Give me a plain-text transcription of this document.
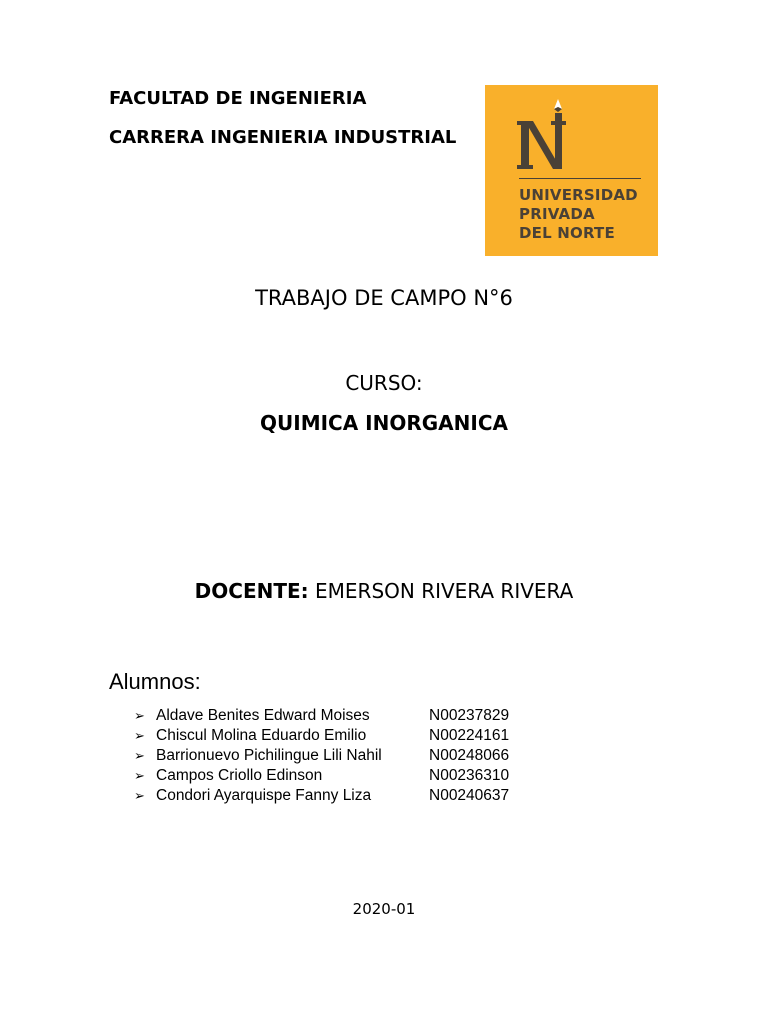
FACULTAD DE INGENIERIA
CARRERA INGENIERIA INDUSTRIAL
UNIVERSIDAD
PRIVADA
DEL NORTE
TRABAJO DE CAMPO N°6
CURSO:
QUIMICA INORGANICA
DOCENTE: EMERSON RIVERA RIVERA
Alumnos:
➢ Aldave Benites Edward Moises	N00237829
➢ Chiscul Molina Eduardo Emilio	N00224161
➢ Barrionuevo Pichilingue Lili Nahil	N00248066
➢ Campos Criollo Edinson	N00236310
➢ Condori Ayarquispe Fanny Liza	N00240637
2020-01
